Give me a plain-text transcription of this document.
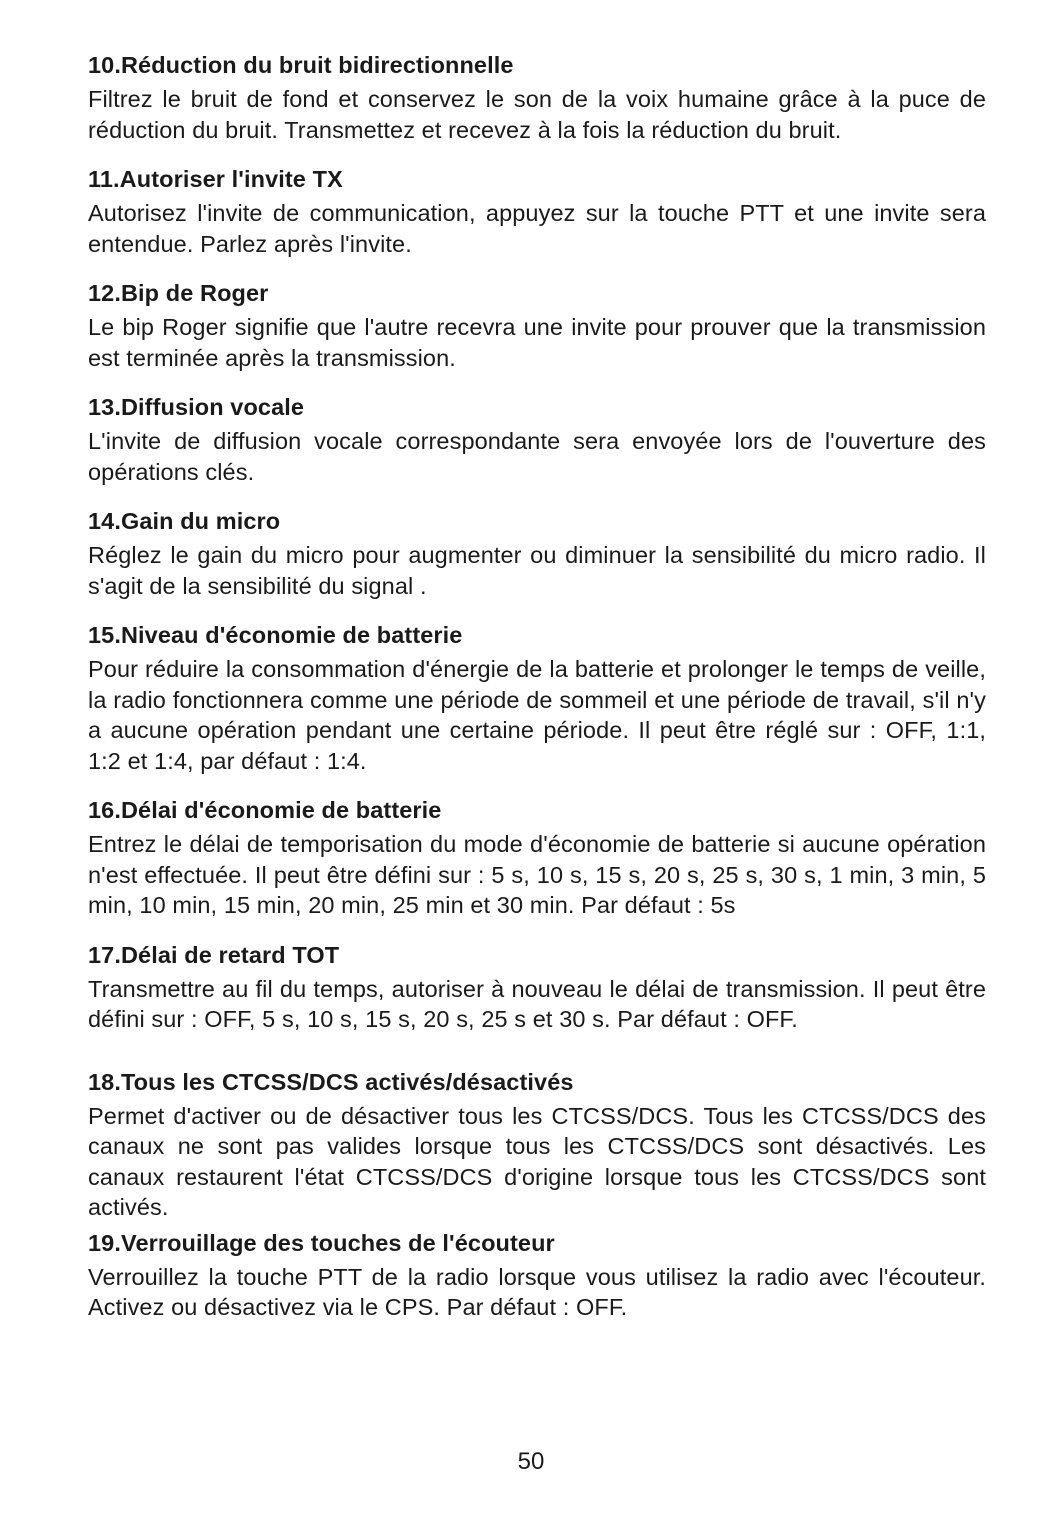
10.Réduction du bruit bidirectionnelle

Filtrez le bruit de fond et conservez le son de la voix humaine grâce à la puce de réduction du bruit. Transmettez et recevez à la fois la réduction du bruit.

11.Autoriser l'invite TX

Autorisez l'invite de communication, appuyez sur la touche PTT et une invite sera entendue. Parlez après l'invite.

12.Bip de Roger

Le bip Roger signifie que l'autre recevra une invite pour prouver que la transmission est terminée après la transmission.

13.Diffusion vocale

L'invite de diffusion vocale correspondante sera envoyée lors de l'ouverture des opérations clés.

14.Gain du micro

Réglez le gain du micro pour augmenter ou diminuer la sensibilité du micro radio. Il s'agit de la sensibilité du signal .

15.Niveau d'économie de batterie

Pour réduire la consommation d'énergie de la batterie et prolonger le temps de veille, la radio fonctionnera comme une période de sommeil et une période de travail, s'il n'y a aucune opération pendant une certaine période. Il peut être réglé sur : OFF, 1:1, 1:2 et 1:4, par défaut : 1:4.

16.Délai d'économie de batterie

Entrez le délai de temporisation du mode d'économie de batterie si aucune opération n'est effectuée. Il peut être défini sur : 5 s, 10 s, 15 s, 20 s, 25 s, 30 s, 1 min, 3 min, 5 min, 10 min, 15 min, 20 min, 25 min et 30 min. Par défaut : 5s

17.Délai de retard TOT

Transmettre au fil du temps, autoriser à nouveau le délai de transmission. Il peut être défini sur : OFF, 5 s, 10 s, 15 s, 20 s, 25 s et 30 s. Par défaut : OFF.

18.Tous les CTCSS/DCS activés/désactivés

Permet d'activer ou de désactiver tous les CTCSS/DCS. Tous les CTCSS/DCS des canaux ne sont pas valides lorsque tous les CTCSS/DCS sont désactivés. Les canaux restaurent l'état CTCSS/DCS d'origine lorsque tous les CTCSS/DCS sont activés.

19.Verrouillage des touches de l'écouteur

Verrouillez la touche PTT de la radio lorsque vous utilisez la radio avec l'écouteur. Activez ou désactivez via le CPS. Par défaut : OFF.

50
